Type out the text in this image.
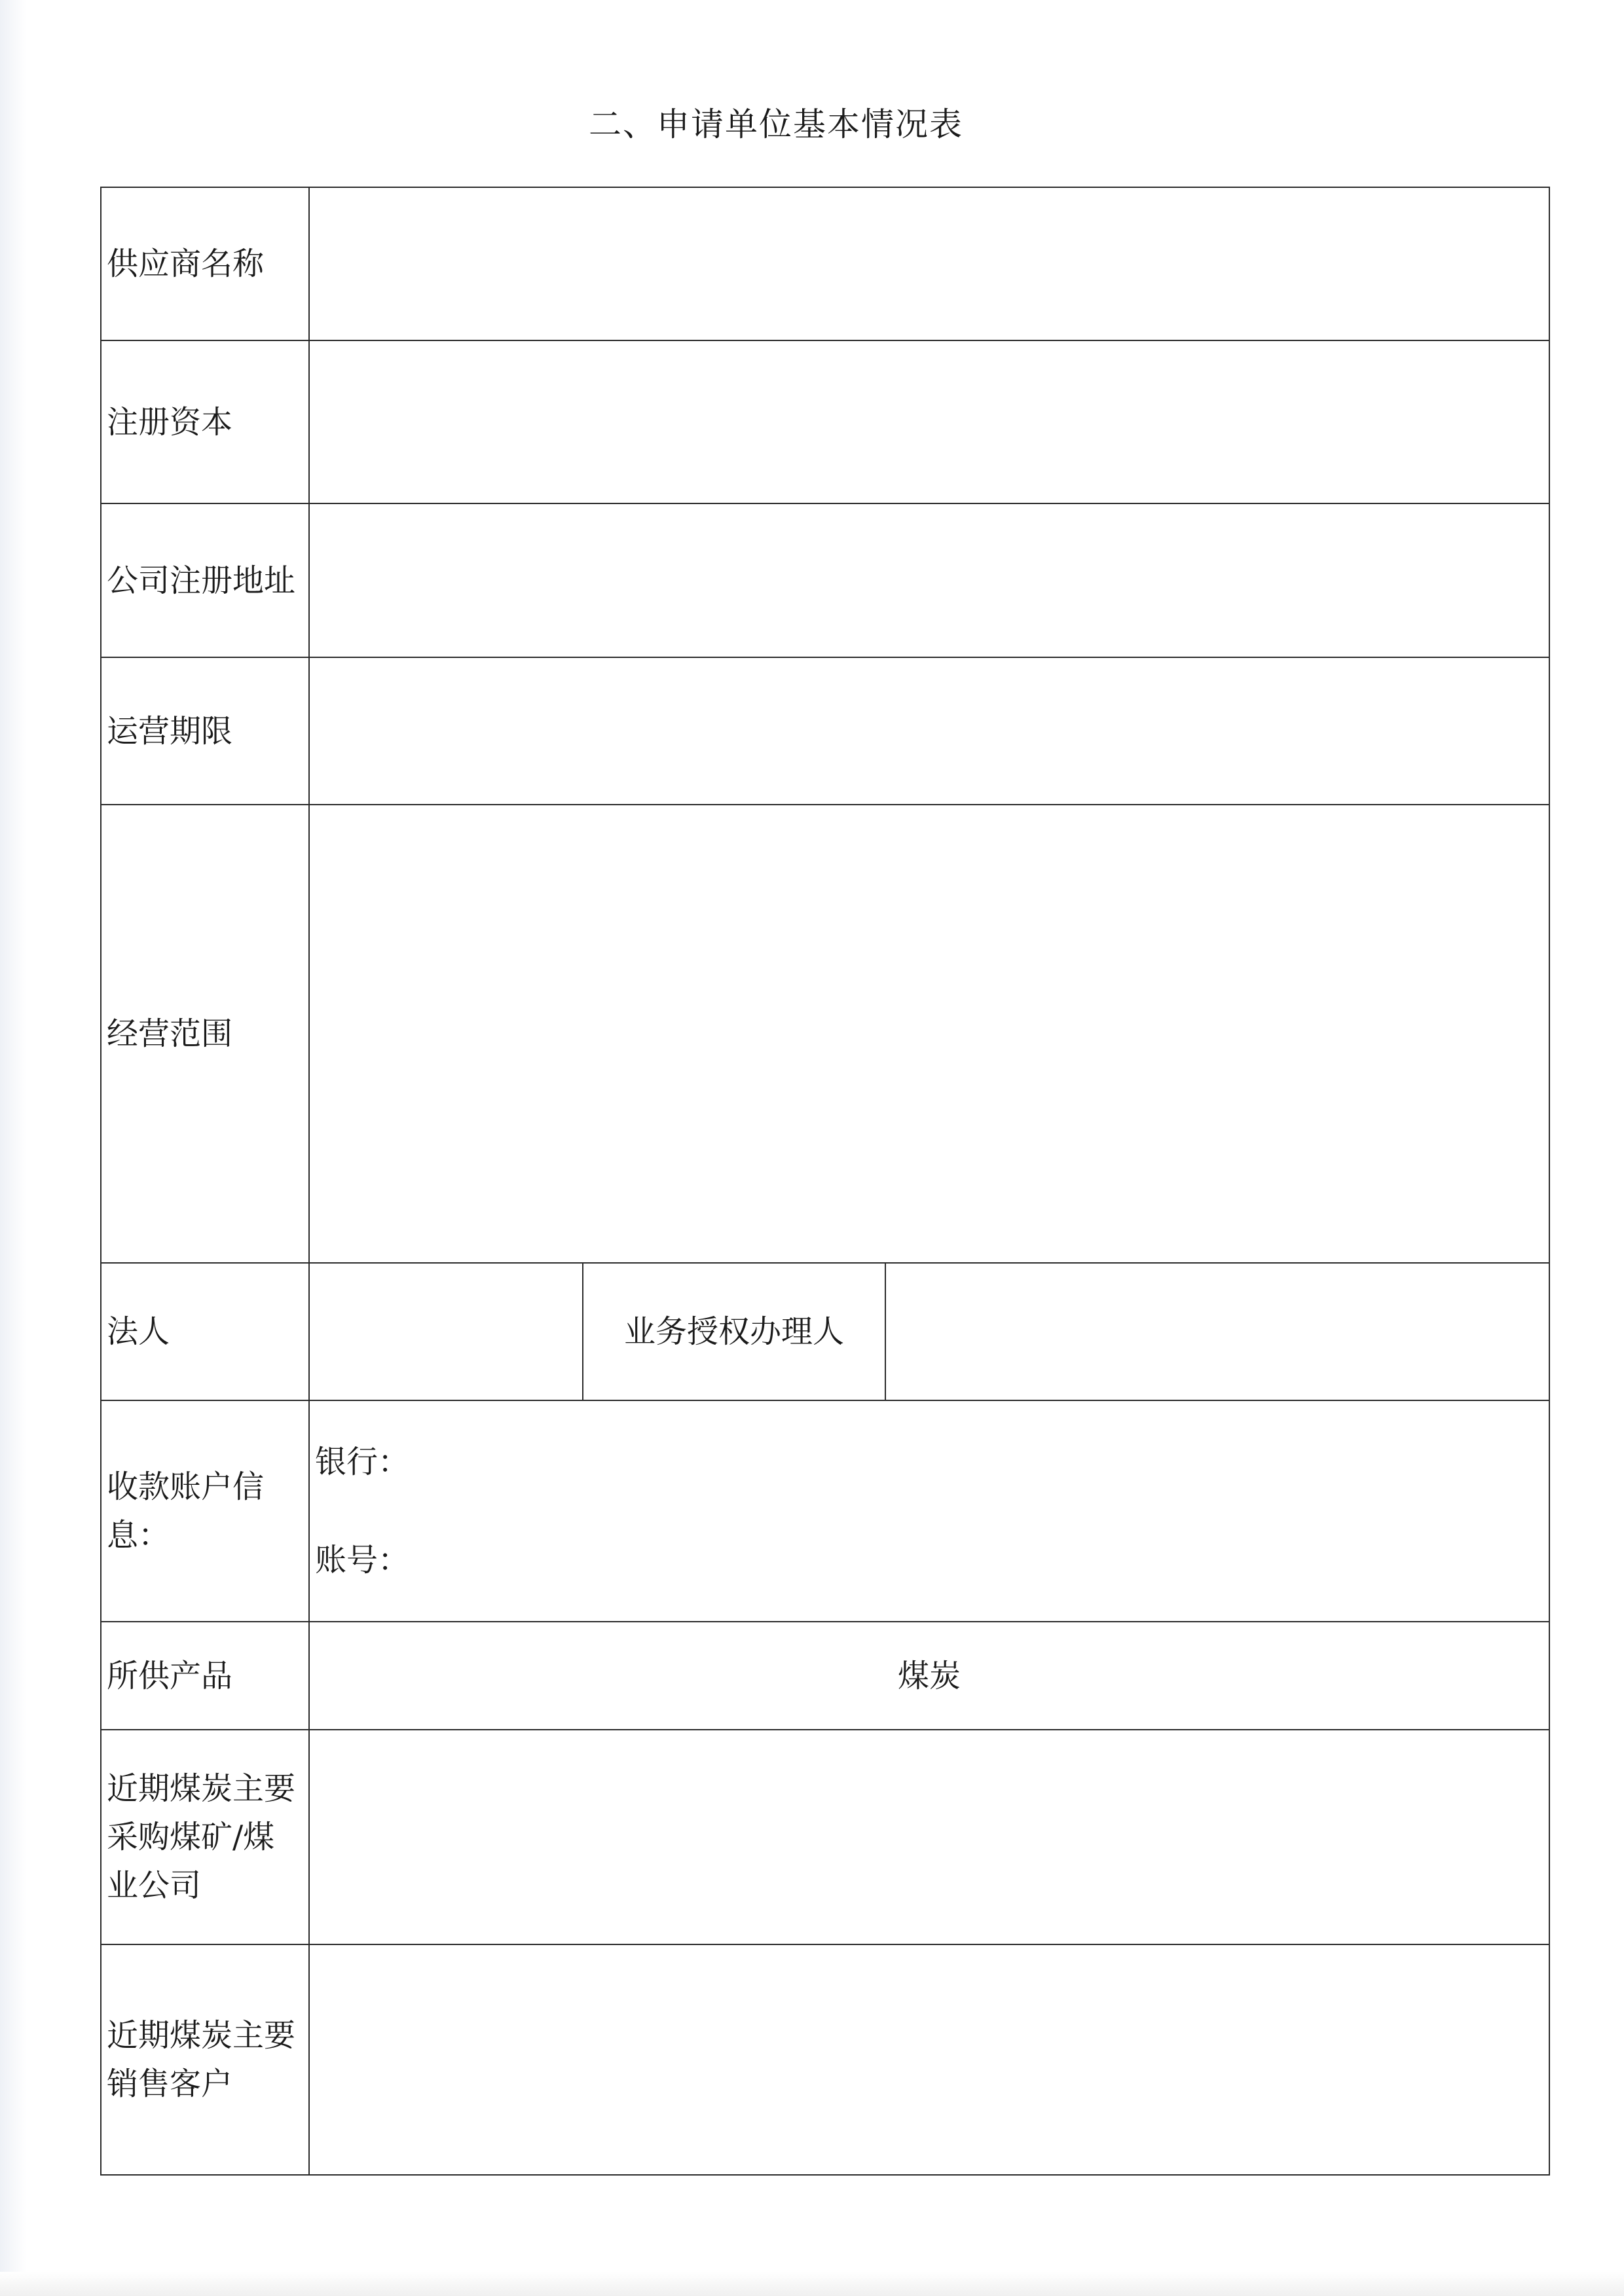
二、申请单位基本情况表
供应商名称			
注册资本			
公司注册地址			
运营期限			
经营范围			
法人		业务授权办理人	
收款账户信息：	银行：
账号：		

所供产品	煤炭		
近期煤炭主要采购煤矿/煤业公司			
近期煤炭主要销售客户			
